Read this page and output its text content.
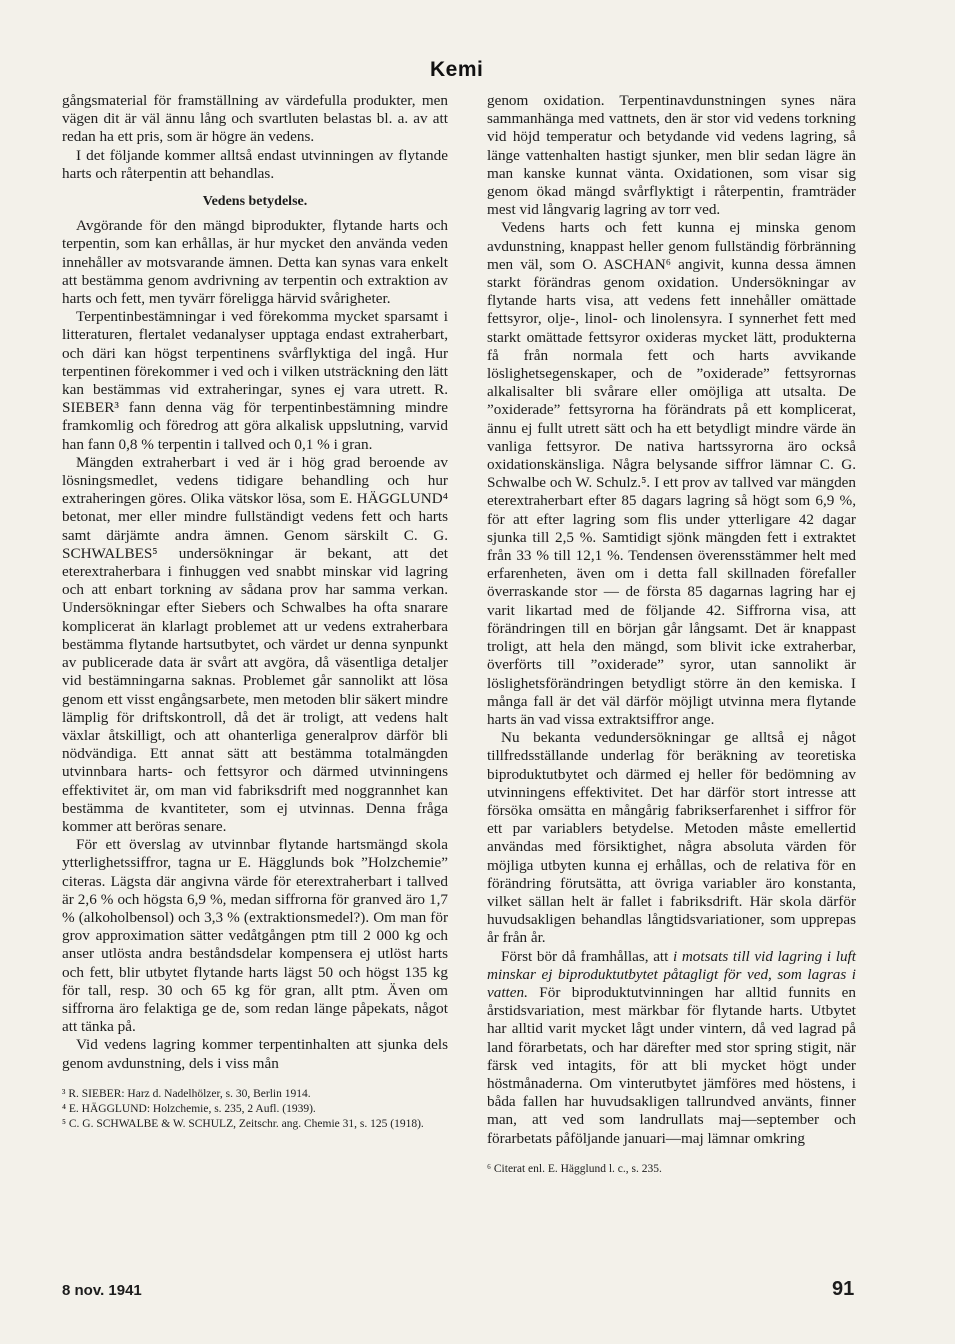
Kemi

gångsmaterial för framställning av värdefulla produkter, men vägen dit är väl ännu lång och svartluten belastas bl. a. av att redan ha ett pris, som är högre än vedens.

I det följande kommer alltså endast utvinningen av flytande harts och råterpentin att behandlas.

Vedens betydelse.

Avgörande för den mängd biprodukter, flytande harts och terpentin, som kan erhållas, är hur mycket den använda veden innehåller av motsvarande ämnen. Detta kan synas vara enkelt att bestämma genom avdrivning av terpentin och extraktion av harts och fett, men tyvärr föreligga härvid svårigheter.

Terpentinbestämningar i ved förekomma mycket sparsamt i litteraturen, flertalet vedanalyser upptaga endast extraherbart, och däri kan högst terpentinens svårflyktiga del ingå. Hur terpentinen förekommer i ved och i vilken utsträckning den lätt kan bestämmas vid extraheringar, synes ej vara utrett. R. SIEBER³ fann denna väg för terpentinbestämning mindre framkomlig och föredrog att göra alkalisk uppslutning, varvid han fann 0,8 % terpentin i tallved och 0,1 % i gran.

Mängden extraherbart i ved är i hög grad beroende av lösningsmedlet, vedens tidigare behandling och hur extraheringen göres. Olika vätskor lösa, som E. HÄGGLUND⁴ betonat, mer eller mindre fullständigt vedens fett och harts samt därjämte andra ämnen. Genom särskilt C. G. SCHWALBES⁵ undersökningar är bekant, att det eterextraherbara i finhuggen ved snabbt minskar vid lagring och att enbart torkning av sådana prov har samma verkan. Undersökningar efter Siebers och Schwalbes ha ofta snarare komplicerat än klarlagt problemet att ur vedens extraherbara bestämma flytande hartsutbytet, och värdet ur denna synpunkt av publicerade data är svårt att avgöra, då väsentliga detaljer vid bestämningarna saknas. Problemet går sannolikt att lösa genom ett visst engångsarbete, men metoden blir säkert mindre lämplig för driftskontroll, då det är troligt, att vedens halt växlar åtskilligt, och att ohanterliga generalprov därför bli nödvändiga. Ett annat sätt att bestämma totalmängden utvinnbara harts- och fettsyror och därmed utvinningens effektivitet är, om man vid fabriksdrift med noggrannhet kan bestämma de kvantiteter, som ej utvinnas. Denna fråga kommer att beröras senare.

För ett överslag av utvinnbar flytande hartsmängd skola ytterlighetssiffror, tagna ur E. Hägglunds bok ”Holzchemie” citeras. Lägsta där angivna värde för eterextraherbart i tallved är 2,6 % och högsta 6,9 %, medan siffrorna för granved äro 1,7 % (alkoholbensol) och 3,3 % (extraktionsmedel?). Om man för grov approximation sätter vedåtgången ptm till 2 000 kg och anser utlösta andra beståndsdelar kompensera ej utlöst harts och fett, blir utbytet flytande harts lägst 50 och högst 135 kg för tall, resp. 30 och 65 kg för gran, allt ptm. Även om siffrorna äro felaktiga ge de, som redan länge påpekats, något att tänka på.

Vid vedens lagring kommer terpentinhalten att sjunka dels genom avdunstning, dels i viss mån

³ R. SIEBER: Harz d. Nadelhölzer, s. 30, Berlin 1914.
⁴ E. HÄGGLUND: Holzchemie, s. 235, 2 Aufl. (1939).
⁵ C. G. SCHWALBE & W. SCHULZ, Zeitschr. ang. Chemie 31, s. 125 (1918).

genom oxidation. Terpentinavdunstningen synes nära sammanhänga med vattnets, den är stor vid vedens torkning vid höjd temperatur och betydande vid vedens lagring, så länge vattenhalten hastigt sjunker, men blir sedan lägre än man kanske kunnat vänta. Oxidationen, som visar sig genom ökad mängd svårflyktigt i råterpentin, framträder mest vid långvarig lagring av torr ved.

Vedens harts och fett kunna ej minska genom avdunstning, knappast heller genom fullständig förbränning men väl, som O. ASCHAN⁶ angivit, kunna dessa ämnen starkt förändras genom oxidation. Undersökningar av flytande harts visa, att vedens fett innehåller omättade fettsyror, olje-, linol- och linolensyra. I synnerhet fett med starkt omättade fettsyror oxideras mycket lätt, produkterna få från normala fett och harts avvikande löslighetsegenskaper, och de ”oxiderade” fettsyrornas alkalisalter bli svårare eller omöjliga att utsalta. De ”oxiderade” fettsyrorna ha förändrats på ett komplicerat, ännu ej fullt utrett sätt och ha ett betydligt mindre värde än vanliga fettsyror. De nativa hartssyrorna äro också oxidationskänsliga. Några belysande siffror lämnar C. G. Schwalbe och W. Schulz.⁵. I ett prov av tallved var mängden eterextraherbart efter 85 dagars lagring så högt som 6,9 %, för att efter lagring som flis under ytterligare 42 dagar sjunka till 2,5 %. Samtidigt sjönk mängden fett i extraktet från 33 % till 12,1 %. Tendensen överensstämmer helt med erfarenheten, även om i detta fall skillnaden förefaller överraskande stor — de första 85 dagarnas lagring har ej varit likartad med de följande 42. Siffrorna visa, att förändringen till en början går långsamt. Det är knappast troligt, att hela den mängd, som blivit icke extraherbar, överförts till ”oxiderade” syror, utan sannolikt är löslighetsförändringen betydligt större än den kemiska. I många fall är det väl därför möjligt utvinna mera flytande harts än vad vissa extraktsiffror ange.

Nu bekanta vedundersökningar ge alltså ej något tillfredsställande underlag för beräkning av teoretiska biproduktutbytet och därmed ej heller för bedömning av utvinningens effektivitet. Det har därför stort intresse att försöka omsätta en mångårig fabrikserfarenhet i siffror för ett par variablers betydelse. Metoden måste emellertid användas med försiktighet, några absoluta värden för möjliga utbyten kunna ej erhållas, och de relativa för en förändring förutsätta, att övriga variabler äro konstanta, vilket sällan helt är fallet i fabriksdrift. Här skola därför huvudsakligen behandlas långtidsvariationer, som upprepas år från år.

Först bör då framhållas, att i motsats till vid lagring i luft minskar ej biproduktutbytet påtagligt för ved, som lagras i vatten. För biproduktutvinningen har alltid funnits en årstidsvariation, mest märkbar för flytande harts. Utbytet har alltid varit mycket lågt under vintern, då ved lagrad på land förarbetats, och har därefter med stor spring stigit, när färsk ved intagits, för att bli mycket högt under höstmånaderna. Om vinterutbytet jämföres med höstens, i båda fallen har huvudsakligen tallrundved använts, finner man, att ved som landrullats maj—september och förarbetats påföljande januari—maj lämnar omkring

⁶ Citerat enl. E. Hägglund l. c., s. 235.
8 nov. 1941	91
